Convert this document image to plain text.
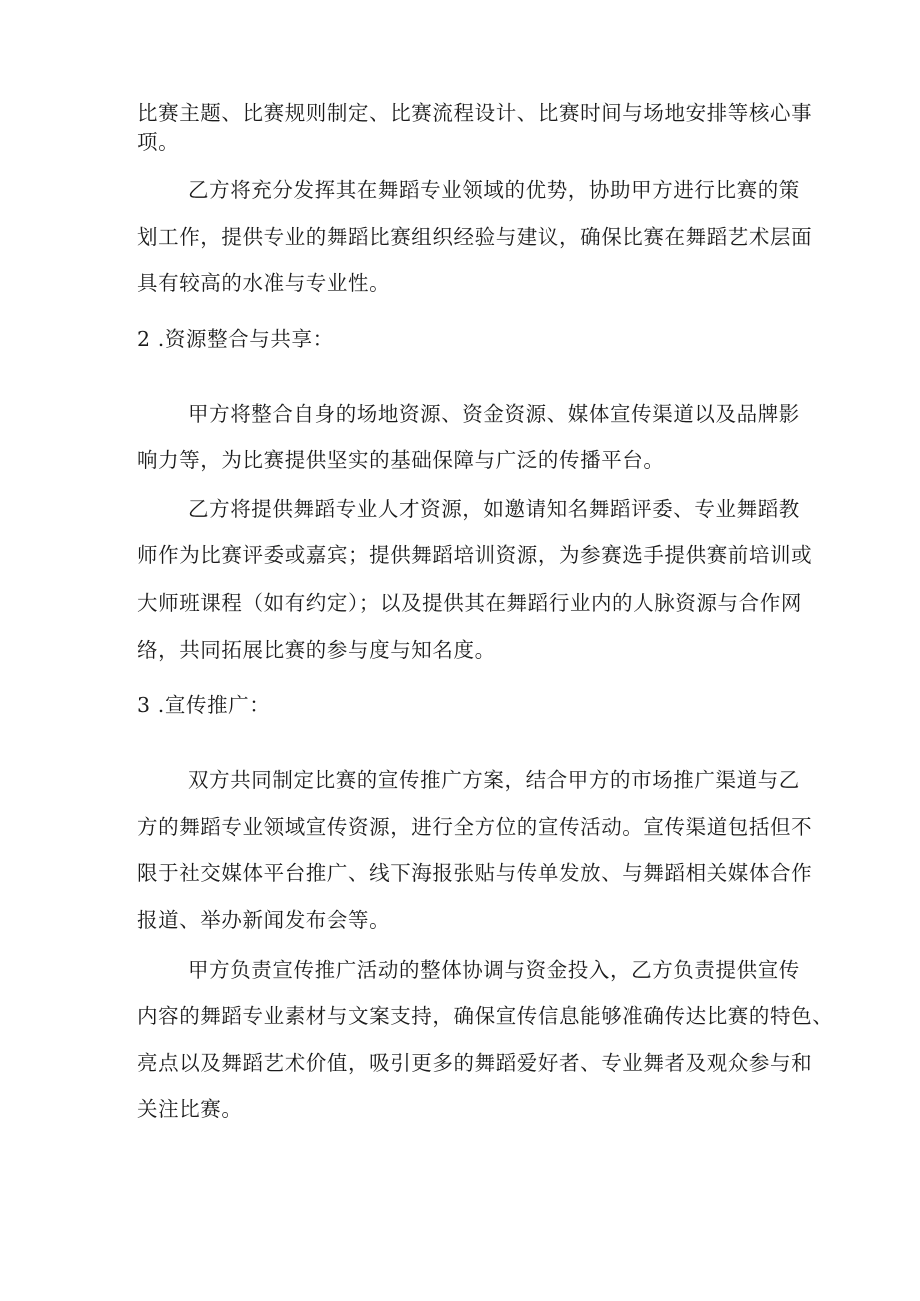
比赛主题、比赛规则制定、比赛流程设计、比赛时间与场地安排等核心事
项。
乙方将充分发挥其在舞蹈专业领域的优势，协助甲方进行比赛的策
划工作，提供专业的舞蹈比赛组织经验与建议，确保比赛在舞蹈艺术层面
具有较高的水准与专业性。
2 .资源整合与共享：
甲方将整合自身的场地资源、资金资源、媒体宣传渠道以及品牌影
响力等，为比赛提供坚实的基础保障与广泛的传播平台。
乙方将提供舞蹈专业人才资源，如邀请知名舞蹈评委、专业舞蹈教
师作为比赛评委或嘉宾；提供舞蹈培训资源，为参赛选手提供赛前培训或
大师班课程（如有约定）；以及提供其在舞蹈行业内的人脉资源与合作网
络，共同拓展比赛的参与度与知名度。
3 .宣传推广：
双方共同制定比赛的宣传推广方案，结合甲方的市场推广渠道与乙
方的舞蹈专业领域宣传资源，进行全方位的宣传活动。宣传渠道包括但不
限于社交媒体平台推广、线下海报张贴与传单发放、与舞蹈相关媒体合作
报道、举办新闻发布会等。
甲方负责宣传推广活动的整体协调与资金投入，乙方负责提供宣传
内容的舞蹈专业素材与文案支持，确保宣传信息能够准确传达比赛的特色、
亮点以及舞蹈艺术价值，吸引更多的舞蹈爱好者、专业舞者及观众参与和
关注比赛。
